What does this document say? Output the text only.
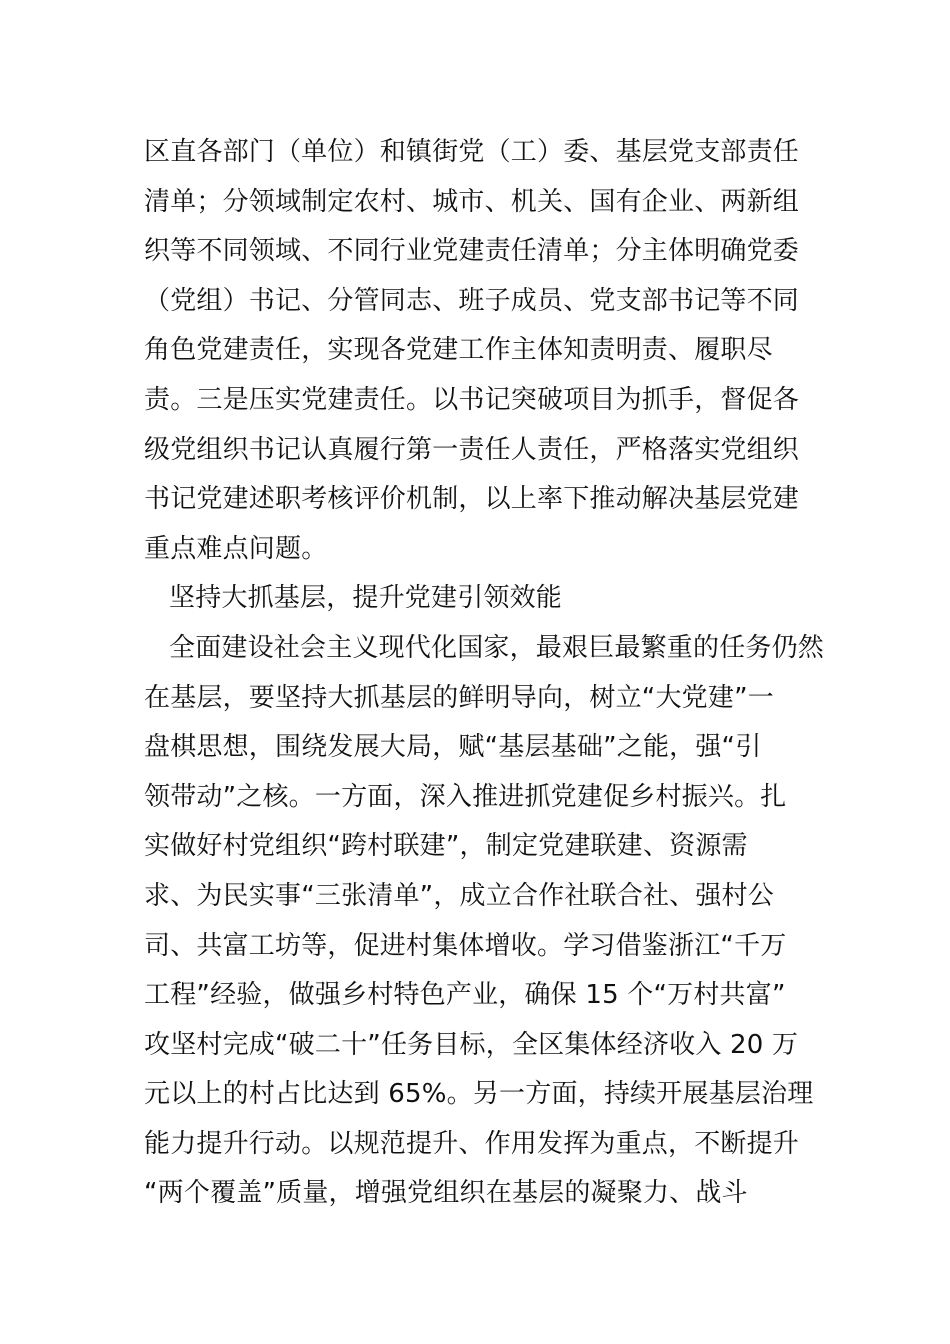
区直各部门（单位）和镇街党（工）委、基层党支部责任
清单；分领域制定农村、城市、机关、国有企业、两新组
织等不同领域、不同行业党建责任清单；分主体明确党委
（党组）书记、分管同志、班子成员、党支部书记等不同
角色党建责任，实现各党建工作主体知责明责、履职尽
责。三是压实党建责任。以书记突破项目为抓手，督促各
级党组织书记认真履行第一责任人责任，严格落实党组织
书记党建述职考核评价机制，以上率下推动解决基层党建
重点难点问题。
坚持大抓基层，提升党建引领效能
全面建设社会主义现代化国家，最艰巨最繁重的任务仍然
在基层，要坚持大抓基层的鲜明导向，树立“大党建”一
盘棋思想，围绕发展大局，赋“基层基础”之能，强“引
领带动”之核。一方面，深入推进抓党建促乡村振兴。扎
实做好村党组织“跨村联建”，制定党建联建、资源需
求、为民实事“三张清单”，成立合作社联合社、强村公
司、共富工坊等，促进村集体增收。学习借鉴浙江“千万
工程”经验，做强乡村特色产业，确保 15 个“万村共富”
攻坚村完成“破二十”任务目标，全区集体经济收入 20 万
元以上的村占比达到 65%。另一方面，持续开展基层治理
能力提升行动。以规范提升、作用发挥为重点，不断提升
“两个覆盖”质量，增强党组织在基层的凝聚力、战斗
